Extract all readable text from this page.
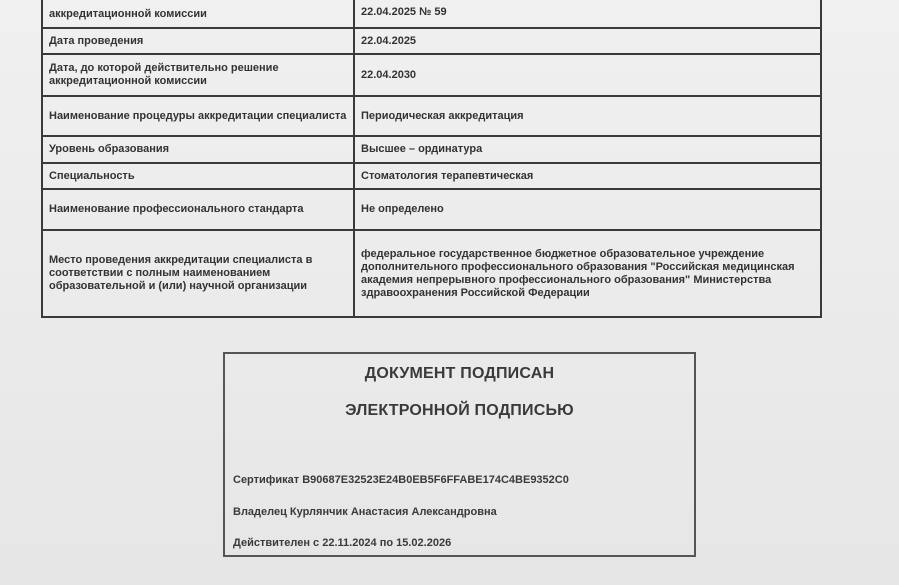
аккредитационной комиссии	22.04.2025 № 59
Дата проведения	22.04.2025
Дата, до которой действительно решение аккредитационной комиссии	22.04.2030
Наименование процедуры аккредитации специалиста	Периодическая аккредитация
Уровень образования	Высшее – ординатура
Специальность	Стоматология терапевтическая
Наименование профессионального стандарта	Не определено
Место проведения аккредитации специалиста в соответствии с полным наименованием образовательной и (или) научной организации	федеральное государственное бюджетное образовательное учреждение дополнительного профессионального образования "Российская медицинская академия непрерывного профессионального образования" Министерства здравоохранения Российской Федерации
ДОКУМЕНТ ПОДПИСАН
ЭЛЕКТРОННОЙ ПОДПИСЬЮ
Сертификат B90687E32523E24B0EB5F6FFABE174C4BE9352C0
Владелец Курлянчик Анастасия Александровна
Действителен с 22.11.2024 по 15.02.2026
